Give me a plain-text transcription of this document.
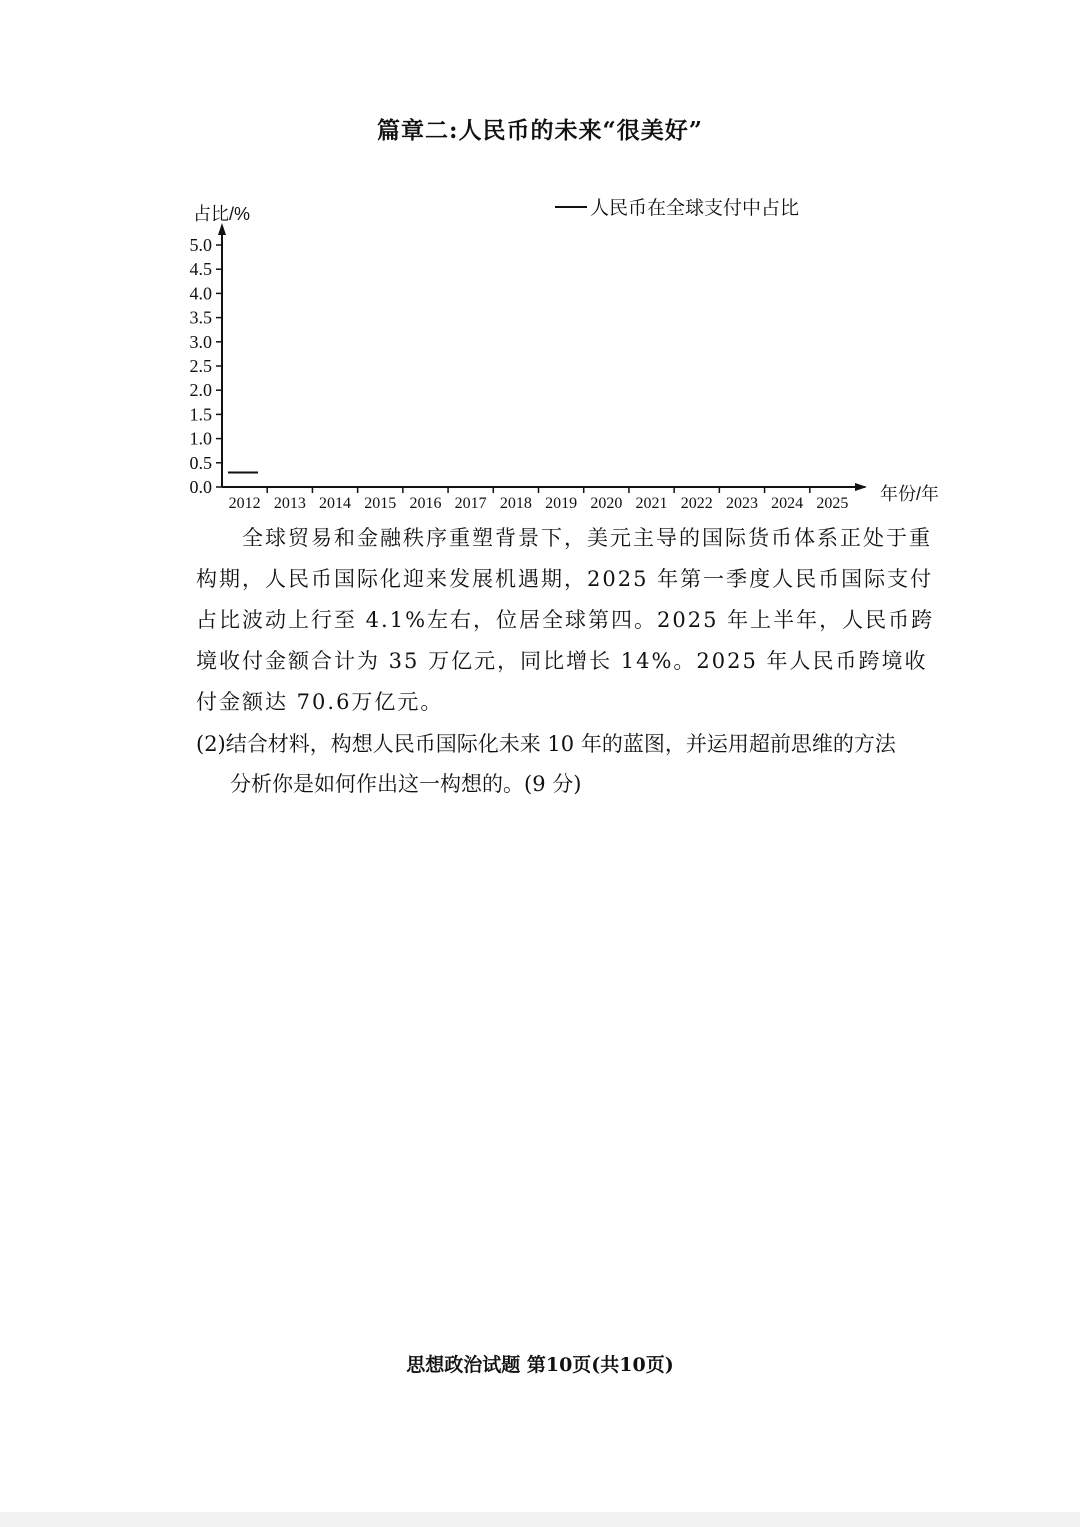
篇章二:人民币的未来“很美好”
0.0
0.5
1.0
1.5
2.0
2.5
3.0
3.5
4.0
4.5
5.0
2012 2013 2014 2015 2016 2017 2018 2019 2020 2021 2022 2023 2024 2025
占比/%
年份/年
人民币在全球支付中占比
全球贸易和金融秩序重塑背景下，美元主导的国际货币体系正处于重构期，人民币国际化迎来发展机遇期，2025 年第一季度人民币国际支付占比波动上行至 4.1%左右，位居全球第四。2025 年上半年，人民币跨境收付金额合计为 35 万亿元，同比增长 14%。2025 年人民币跨境收付金额达 70.6万亿元。
(2)结合材料，构想人民币国际化未来 10 年的蓝图，并运用超前思维的方法
分析你是如何作出这一构想的。(9 分)
思想政治试题 第10页(共10页)
